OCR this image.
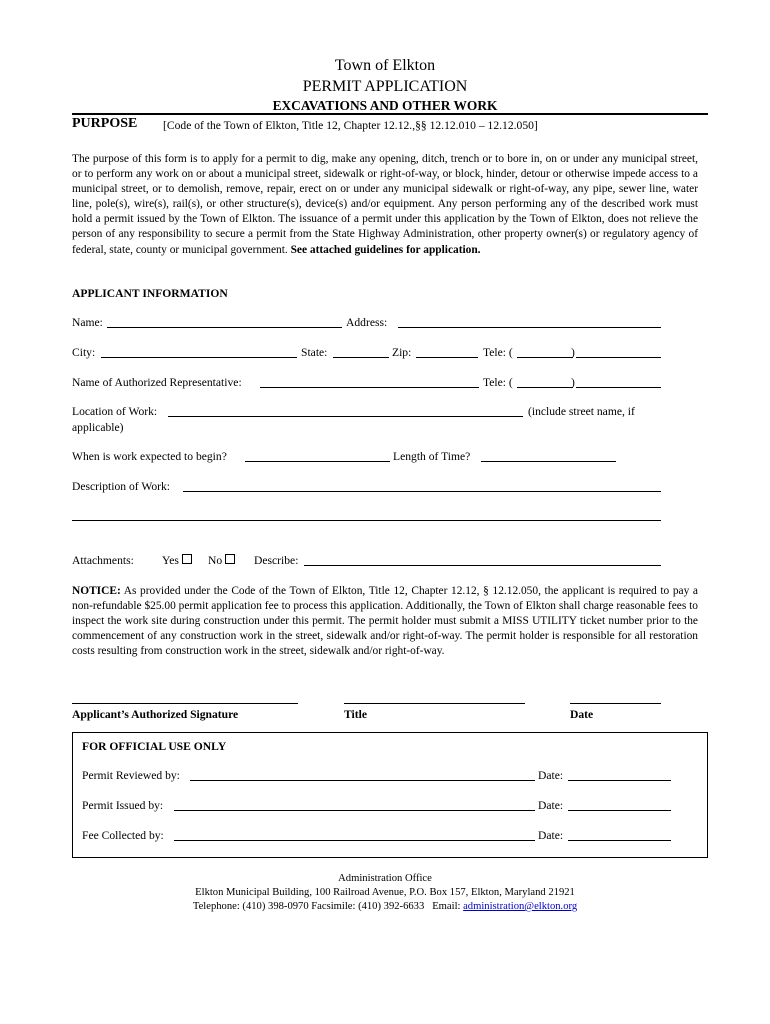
Town of Elkton
PERMIT APPLICATION
EXCAVATIONS AND OTHER WORK
PURPOSE [Code of the Town of Elkton, Title 12, Chapter 12.12.,§§ 12.12.010 – 12.12.050]
The purpose of this form is to apply for a permit to dig, make any opening, ditch, trench or to bore in, on or under any municipal street, or to perform any work on or about a municipal street, sidewalk or right-of-way, or block, hinder, detour or otherwise impede access to a municipal street, or to demolish, remove, repair, erect on or under any municipal sidewalk or right-of-way, any pipe, sewer line, water line, pole(s), wire(s), rail(s), or other structure(s), device(s) and/or equipment. Any person performing any of the described work must hold a permit issued by the Town of Elkton. The issuance of a permit under this application by the Town of Elkton, does not relieve the person of any responsibility to secure a permit from the State Highway Administration, other property owner(s) or regulatory agency of federal, state, county or municipal government. See attached guidelines for application.
APPLICANT INFORMATION
Name:	Address:
City:	State:	Zip:	Tele: (	)
Name of Authorized Representative:	Tele: (	)
Location of Work:	(include street name, if
applicable)
When is work expected to begin?	Length of Time?
Description of Work:
Attachments: Yes	No	Describe:
NOTICE: As provided under the Code of the Town of Elkton, Title 12, Chapter 12.12, § 12.12.050, the applicant is required to pay a non-refundable $25.00 permit application fee to process this application. Additionally, the Town of Elkton shall charge reasonable fees to inspect the work site during construction under this permit. The permit holder must submit a MISS UTILITY ticket number prior to the commencement of any construction work in the street, sidewalk and/or right-of-way. The permit holder is responsible for all restoration costs resulting from construction work in the street, sidewalk and/or right-of-way.
Applicant’s Authorized Signature	Title	Date
FOR OFFICIAL USE ONLY
Permit Reviewed by:	Date:
Permit Issued by:	Date:
Fee Collected by:	Date:
Administration Office
Elkton Municipal Building, 100 Railroad Avenue, P.O. Box 157, Elkton, Maryland 21921
Telephone: (410) 398-0970 Facsimile: (410) 392-6633   Email: administration@elkton.org
